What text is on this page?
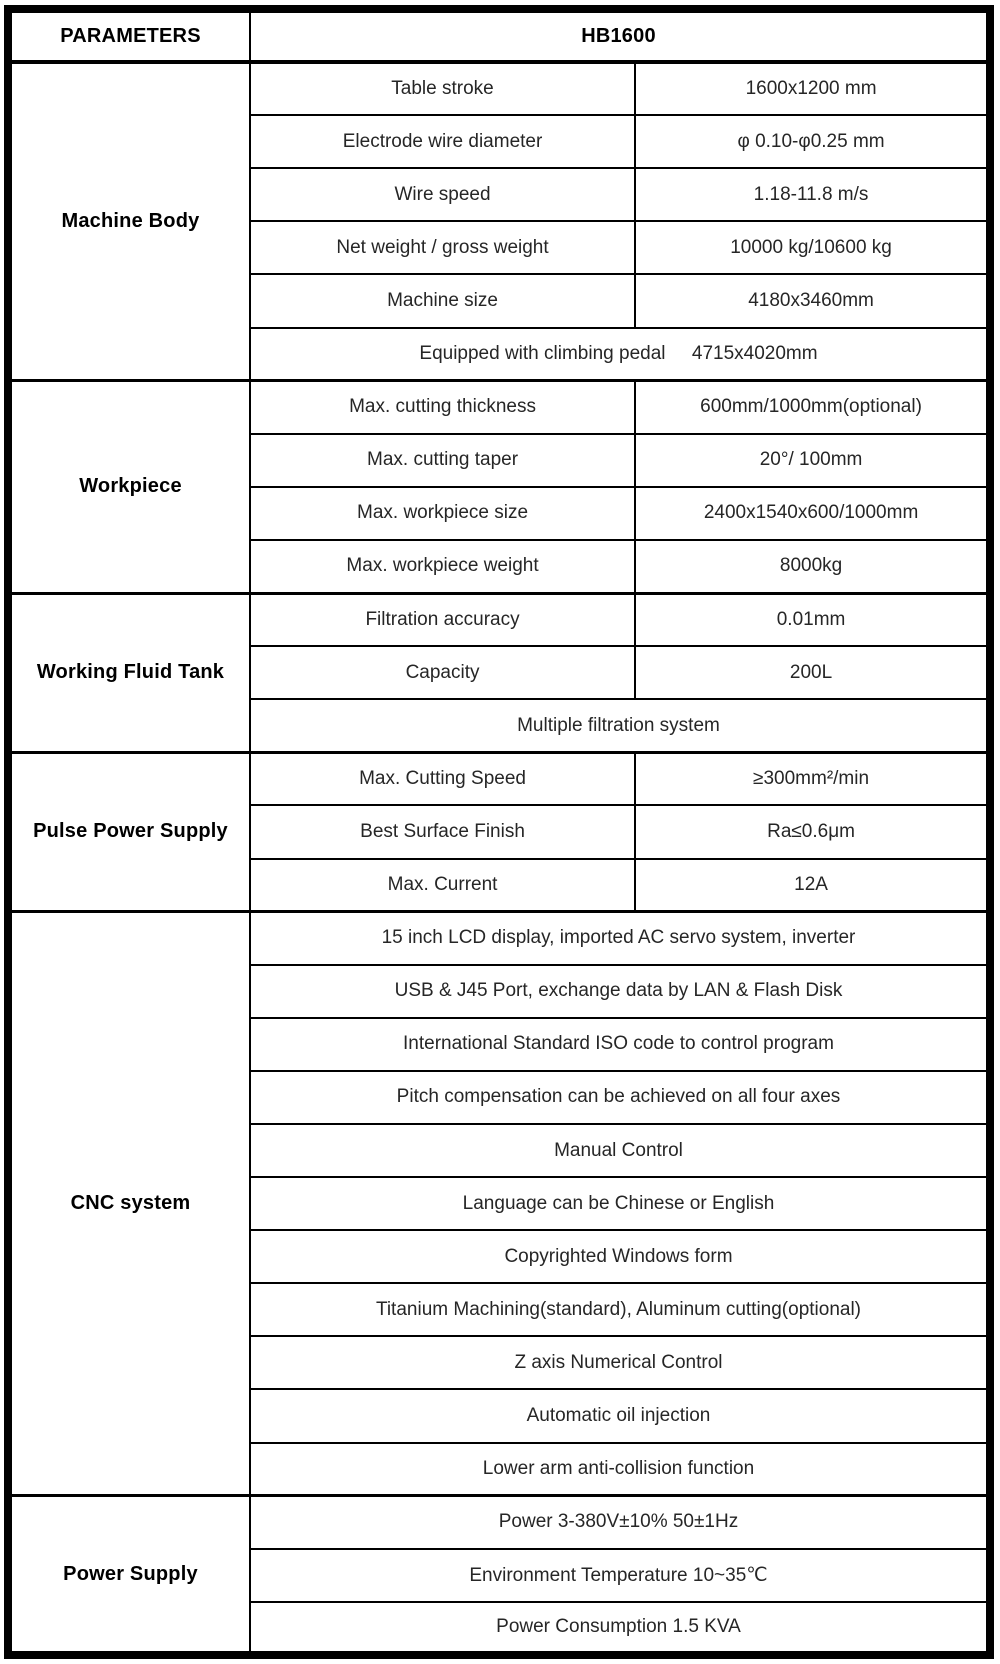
PARAMETERS	HB1600	
Machine Body	Table stroke	1600x1200 mm
	Electrode wire diameter	φ 0.10-φ0.25 mm
	Wire speed	1.18-11.8 m/s
	Net weight / gross weight	10000 kg/10600 kg
	Machine size	4180x3460mm
	Equipped with climbing pedal     4715x4020mm	
Workpiece	Max. cutting thickness	600mm/1000mm(optional)
	Max. cutting taper	20°/ 100mm
	Max. workpiece size	2400x1540x600/1000mm
	Max. workpiece weight	8000kg
Working Fluid Tank	Filtration accuracy	0.01mm
	Capacity	200L
	Multiple filtration system	
Pulse Power Supply	Max. Cutting Speed	≥300mm²/min
	Best Surface Finish	Ra≤0.6μm
	Max. Current	12A
CNC system	15 inch LCD display, imported AC servo system, inverter	
	USB & J45 Port, exchange data by LAN & Flash Disk	
	International Standard ISO code to control program	
	Pitch compensation can be achieved on all four axes	
	Manual Control	
	Language can be Chinese or English	
	Copyrighted Windows form	
	Titanium Machining(standard), Aluminum cutting(optional)	
	Z axis Numerical Control	
	Automatic oil injection	
	Lower arm anti-collision function	
Power Supply	Power 3-380V±10% 50±1Hz	
	Environment Temperature 10~35℃	
	Power Consumption 1.5 KVA	
